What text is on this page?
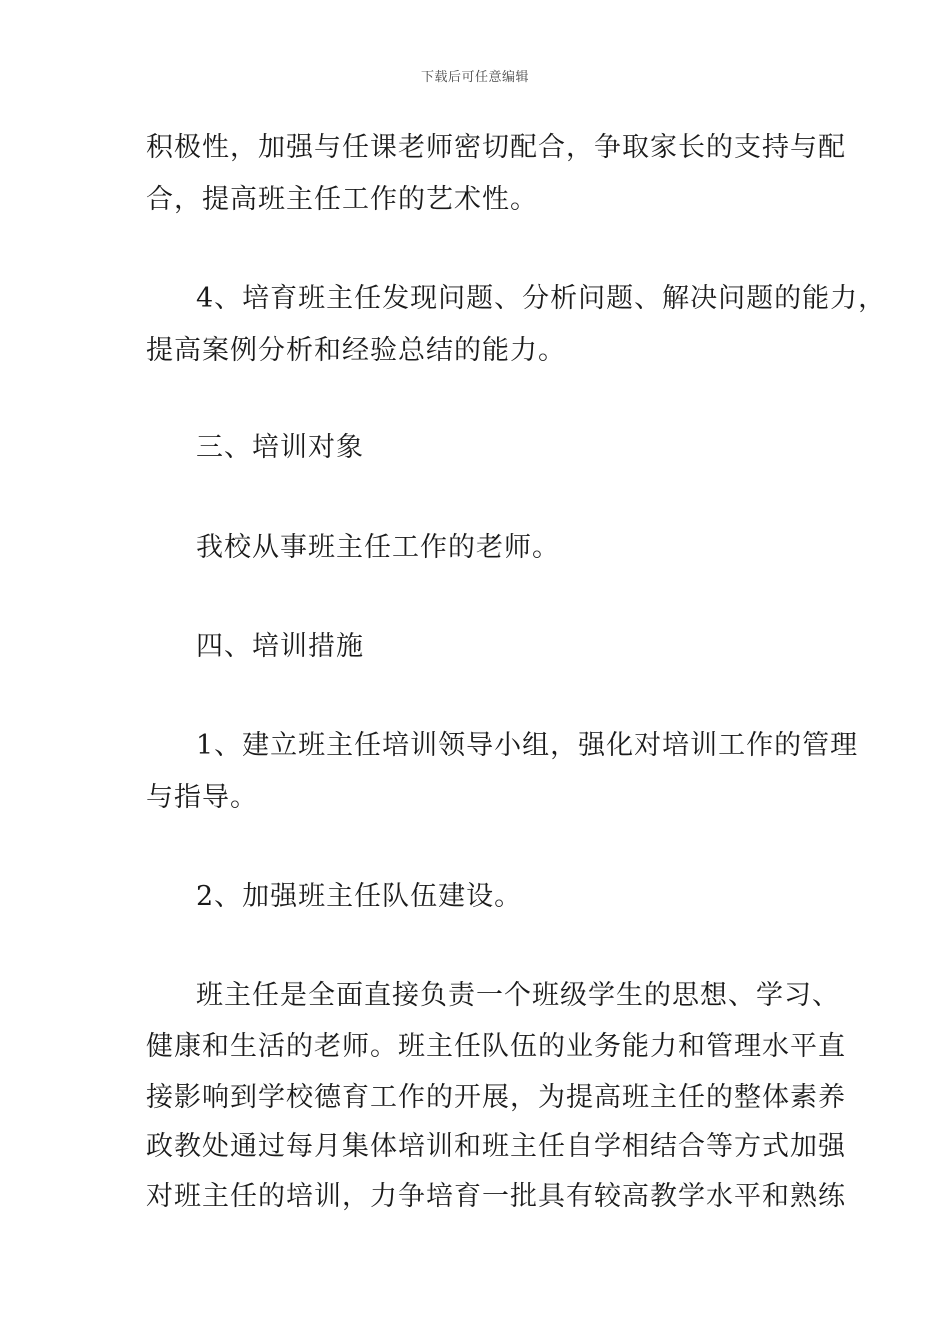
下载后可任意编辑
积极性，加强与任课老师密切配合，争取家长的支持与配
合，提高班主任工作的艺术性。
4、培育班主任发现问题、分析问题、解决问题的能力，
提高案例分析和经验总结的能力。
三、培训对象
我校从事班主任工作的老师。
四、培训措施
1、建立班主任培训领导小组，强化对培训工作的管理
与指导。
2、加强班主任队伍建设。
班主任是全面直接负责一个班级学生的思想、学习、
健康和生活的老师。班主任队伍的业务能力和管理水平直
接影响到学校德育工作的开展，为提高班主任的整体素养
政教处通过每月集体培训和班主任自学相结合等方式加强
对班主任的培训，力争培育一批具有较高教学水平和熟练
